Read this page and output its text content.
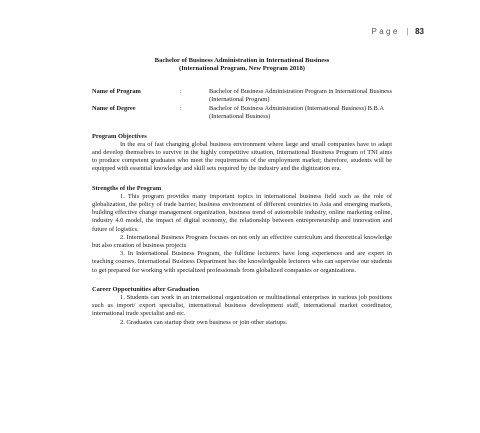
Page | 83
Bachelor of Business Administration in International Business
(International Program, New Program 2018)
Name of Program	:	Bachelor of Business Administration Program in International Business (International Program)
Name of Degree	:	Bachelor of Business Administration (International Business) B.B.A (International Business)
Program Objectives
In the era of fast changing global business environment where large and small companies have to adapt and develop themselves to survive in the highly competitive situation, International Business Program of TNI aims to produce competent graduates who meet the requirements of the employment market; therefore, students will be equipped with essential knowledge and skill sets required by the industry and the digitization era.
Strengths of the Program
1. This program provides many important topics in international business field such as the role of globalization, the policy of trade barrier, business environment of different countries in Asia and emerging markets, building effective change management organization, business trend of automobile industry, online marketing online, industry 4.0 model, the impact of digital economy, the relationship between entrepreneurship and innovation and future of logistics.
2. International Business Program focuses on not only an effective curriculum and theoretical knowledge but also creation of business projects
3. In International Business Program, the fulltime lecturers have long experiences and are expert in teaching courses. International Business Department has the knowledgeable lecturers who can supervise our students to get prepared for working with specialized professionals from globalized companies or organizations.
Career Opportunities after Graduation
1. Students can work in an international organization or multinational enterprises in various job positions such as import/ export specialist, international business development staff, international market coordinator, international trade specialist and etc.
2. Graduates can startup their own business or join other startups.
